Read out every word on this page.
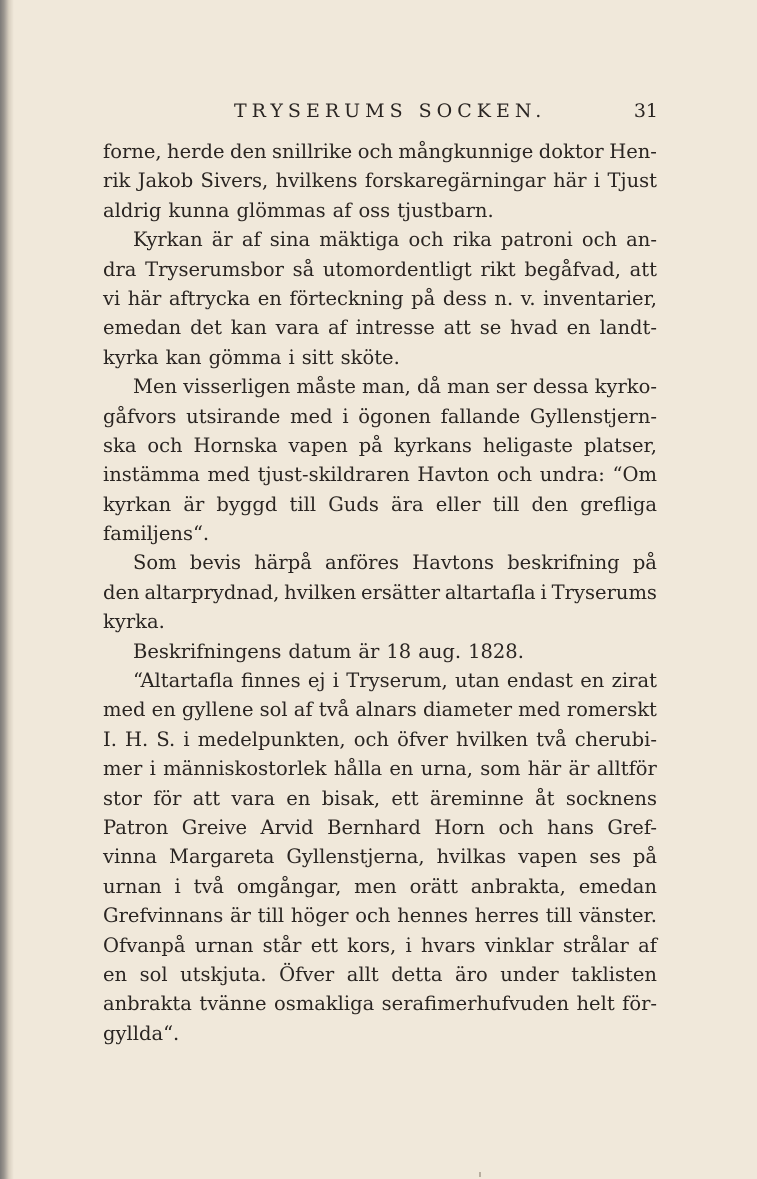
TRYSERUMS SOCKEN.	31
forne, herde den snillrike och mångkunnige doktor Hen-
rik Jakob Sivers, hvilkens forskaregärningar här i Tjust
aldrig kunna glömmas af oss tjustbarn.
Kyrkan är af sina mäktiga och rika patroni och an-
dra Tryserumsbor så utomordentligt rikt begåfvad, att
vi här aftrycka en förteckning på dess n. v. inventarier,
emedan det kan vara af intresse att se hvad en landt-
kyrka kan gömma i sitt sköte.
Men visserligen måste man, då man ser dessa kyrko-
gåfvors utsirande med i ögonen fallande Gyllenstjern-
ska och Hornska vapen på kyrkans heligaste platser,
instämma med tjust-skildraren Havton och undra: “Om
kyrkan är byggd till Guds ära eller till den grefliga
familjens“.
Som bevis härpå anföres Havtons beskrifning på
den altarprydnad, hvilken ersätter altartafla i Tryserums
kyrka.
Beskrifningens datum är 18 aug. 1828.
“Altartafla finnes ej i Tryserum, utan endast en zirat
med en gyllene sol af två alnars diameter med romerskt
I. H. S. i medelpunkten, och öfver hvilken två cherubi-
mer i människostorlek hålla en urna, som här är alltför
stor för att vara en bisak, ett äreminne åt socknens
Patron Greive Arvid Bernhard Horn och hans Gref-
vinna Margareta Gyllenstjerna, hvilkas vapen ses på
urnan i två omgångar, men orätt anbrakta, emedan
Grefvinnans är till höger och hennes herres till vänster.
Ofvanpå urnan står ett kors, i hvars vinklar strålar af
en sol utskjuta. Öfver allt detta äro under taklisten
anbrakta tvänne osmakliga serafimerhufvuden helt för-
gyllda“.
